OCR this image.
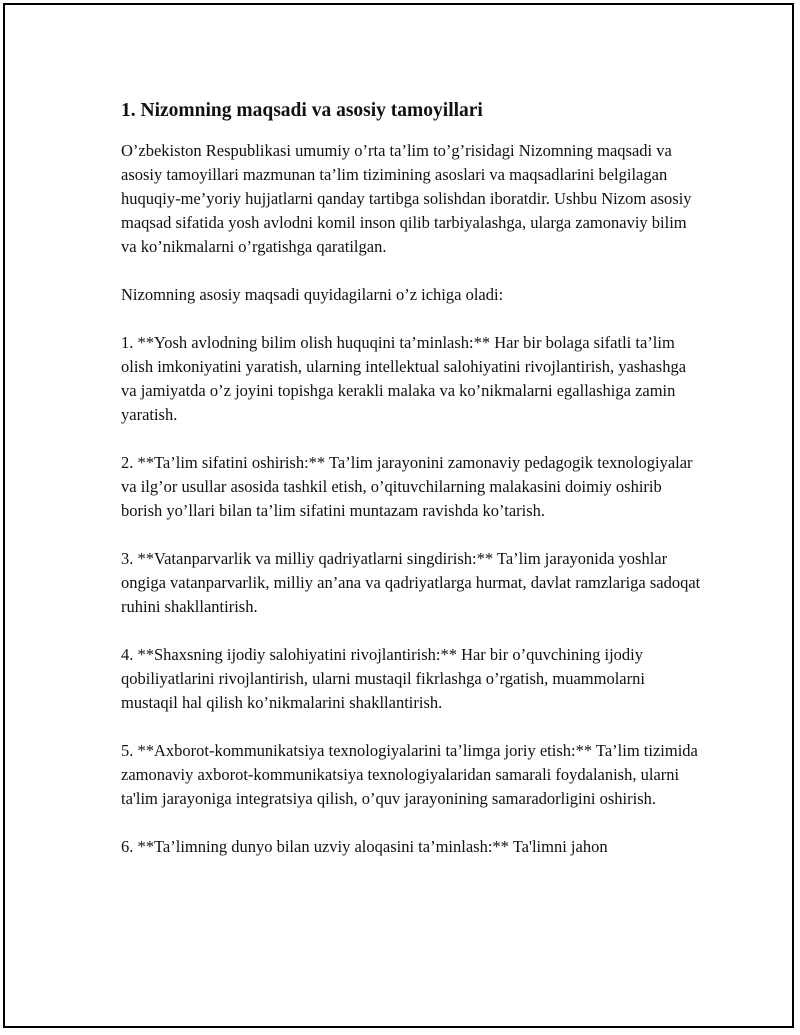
1. Nizomning maqsadi va asosiy tamoyillari

O’zbekiston Respublikasi umumiy o’rta ta’lim to’g’risidagi Nizomning maqsadi va asosiy tamoyillari mazmunan ta’lim tizimining asoslari va maqsadlarini belgilagan huquqiy-me’yoriy hujjatlarni qanday tartibga solishdan iboratdir. Ushbu Nizom asosiy maqsad sifatida yosh avlodni komil inson qilib tarbiyalashga, ularga zamonaviy bilim va ko’nikmalarni o’rgatishga qaratilgan.

Nizomning asosiy maqsadi quyidagilarni o’z ichiga oladi:

1. **Yosh avlodning bilim olish huquqini ta’minlash:** Har bir bolaga sifatli ta’lim olish imkoniyatini yaratish, ularning intellektual salohiyatini rivojlantirish, yashashga va jamiyatda o’z joyini topishga kerakli malaka va ko’nikmalarni egallashiga zamin yaratish.

2. **Ta’lim sifatini oshirish:** Ta’lim jarayonini zamonaviy pedagogik texnologiyalar va ilg’or usullar asosida tashkil etish, o’qituvchilarning malakasini doimiy oshirib borish yo’llari bilan ta’lim sifatini muntazam ravishda ko’tarish.

3. **Vatanparvarlik va milliy qadriyatlarni singdirish:** Ta’lim jarayonida yoshlar ongiga vatanparvarlik, milliy an’ana va qadriyatlarga hurmat, davlat ramzlariga sadoqat ruhini shakllantirish.

4. **Shaxsning ijodiy salohiyatini rivojlantirish:** Har bir o’quvchining ijodiy qobiliyatlarini rivojlantirish, ularni mustaqil fikrlashga o’rgatish, muammolarni mustaqil hal qilish ko’nikmalarini shakllantirish.

5. **Axborot-kommunikatsiya texnologiyalarini ta’limga joriy etish:** Ta’lim tizimida zamonaviy axborot-kommunikatsiya texnologiyalaridan samarali foydalanish, ularni ta'lim jarayoniga integratsiya qilish, o’quv jarayonining samaradorligini oshirish.

6. **Ta’limning dunyo bilan uzviy aloqasini ta’minlash:** Ta'limni jahon
